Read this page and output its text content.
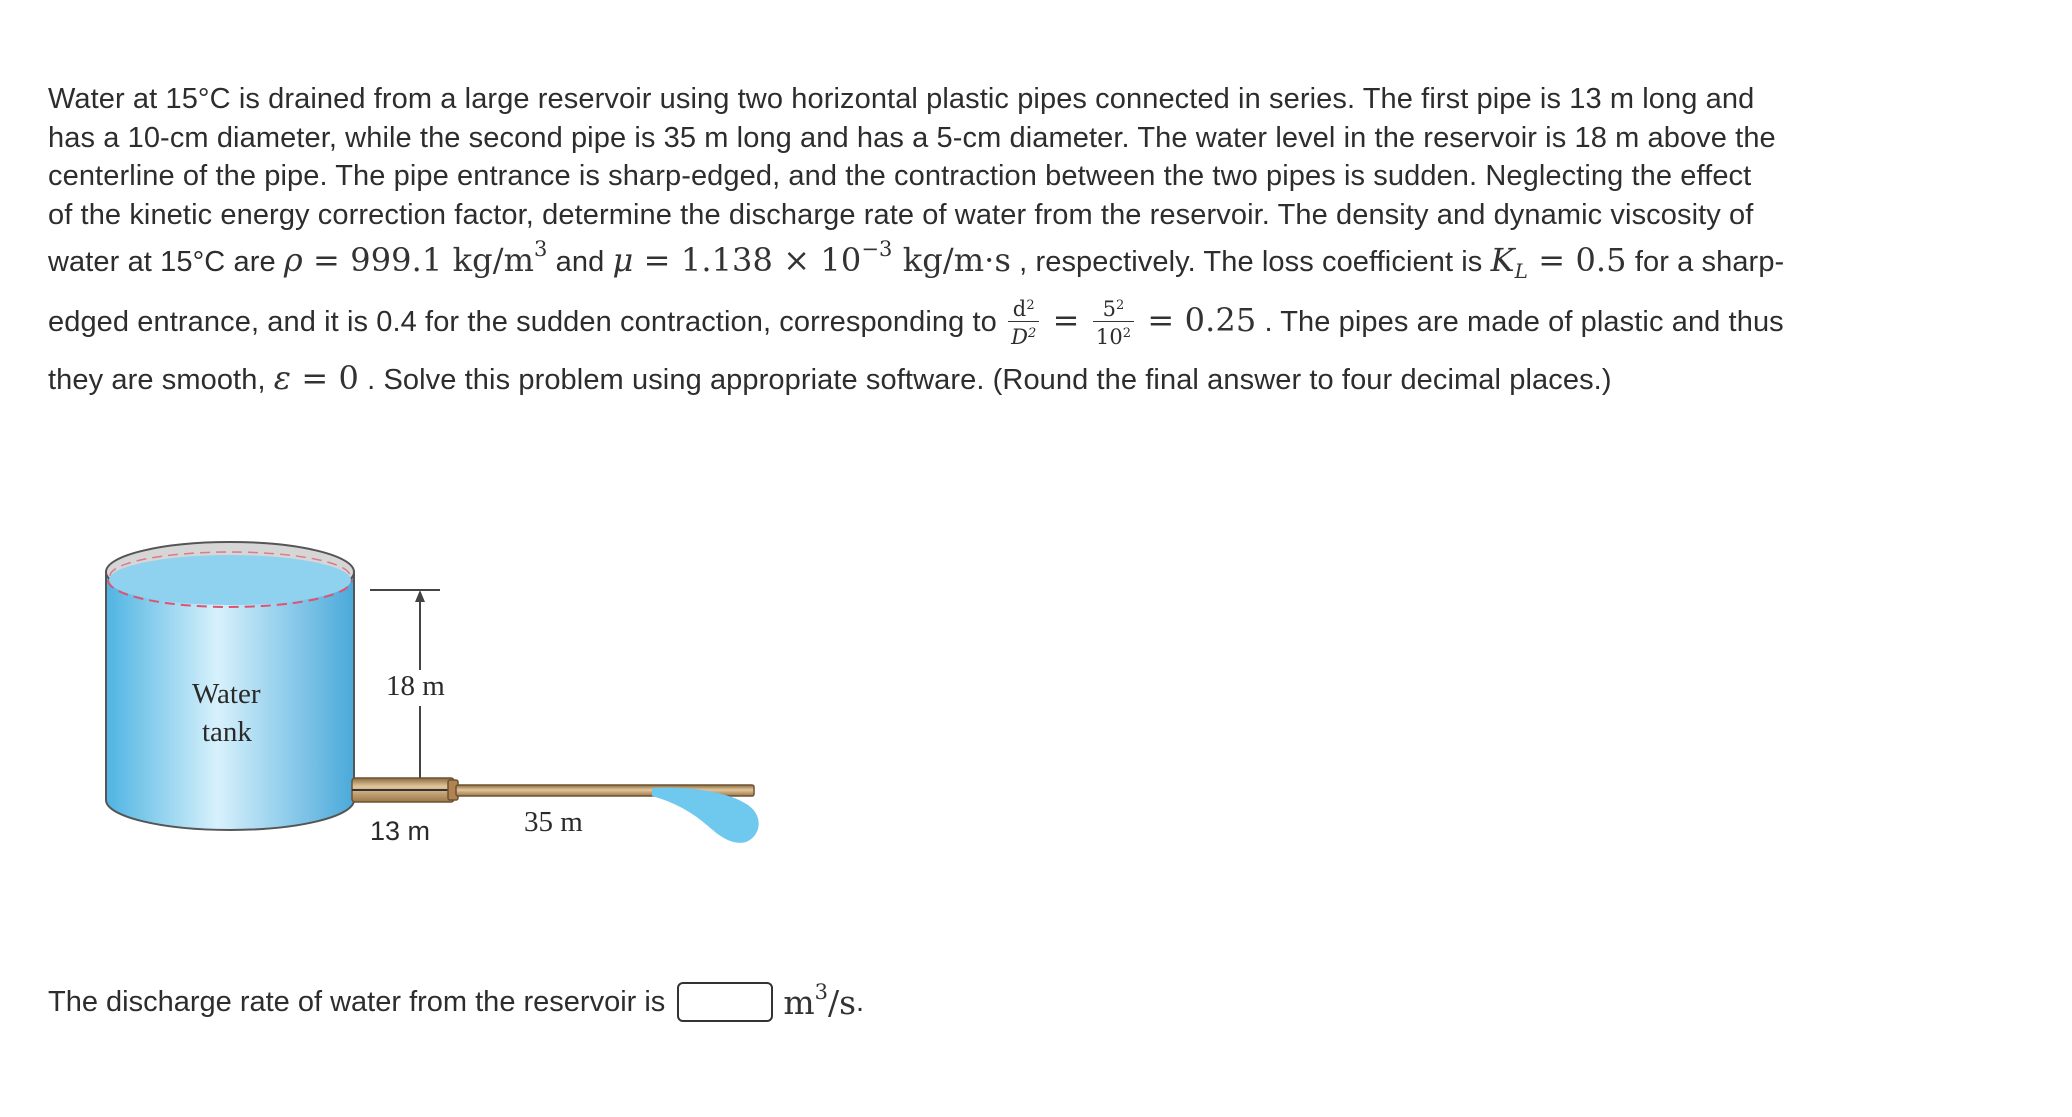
Water at 15°C is drained from a large reservoir using two horizontal plastic pipes connected in series. The first pipe is 13 m long and
has a 10-cm diameter, while the second pipe is 35 m long and has a 5-cm diameter. The water level in the reservoir is 18 m above the
centerline of the pipe. The pipe entrance is sharp-edged, and the contraction between the two pipes is sudden. Neglecting the effect
of the kinetic energy correction factor, determine the discharge rate of water from the reservoir. The density and dynamic viscosity of
water at 15°C are ρ = 999.1 $kg/m^3$ and $\mu = 1.138 \times 10^{-3}$ kg/m·s , respectively. The loss coefficient is $K_L = 0.5$ for a sharp-
edged entrance, and it is 0.4 for the sudden contraction, corresponding to $\frac{d^2}{D^2} = \frac{5^2}{10^2} = 0.25$ . The pipes are made of plastic and thus
they are smooth, ε = 0 . Solve this problem using appropriate software. (Round the final answer to four decimal places.)
Water
tank
18 m
13 m	35 m
The discharge rate of water from the reservoir is	$m^3/s$ .
